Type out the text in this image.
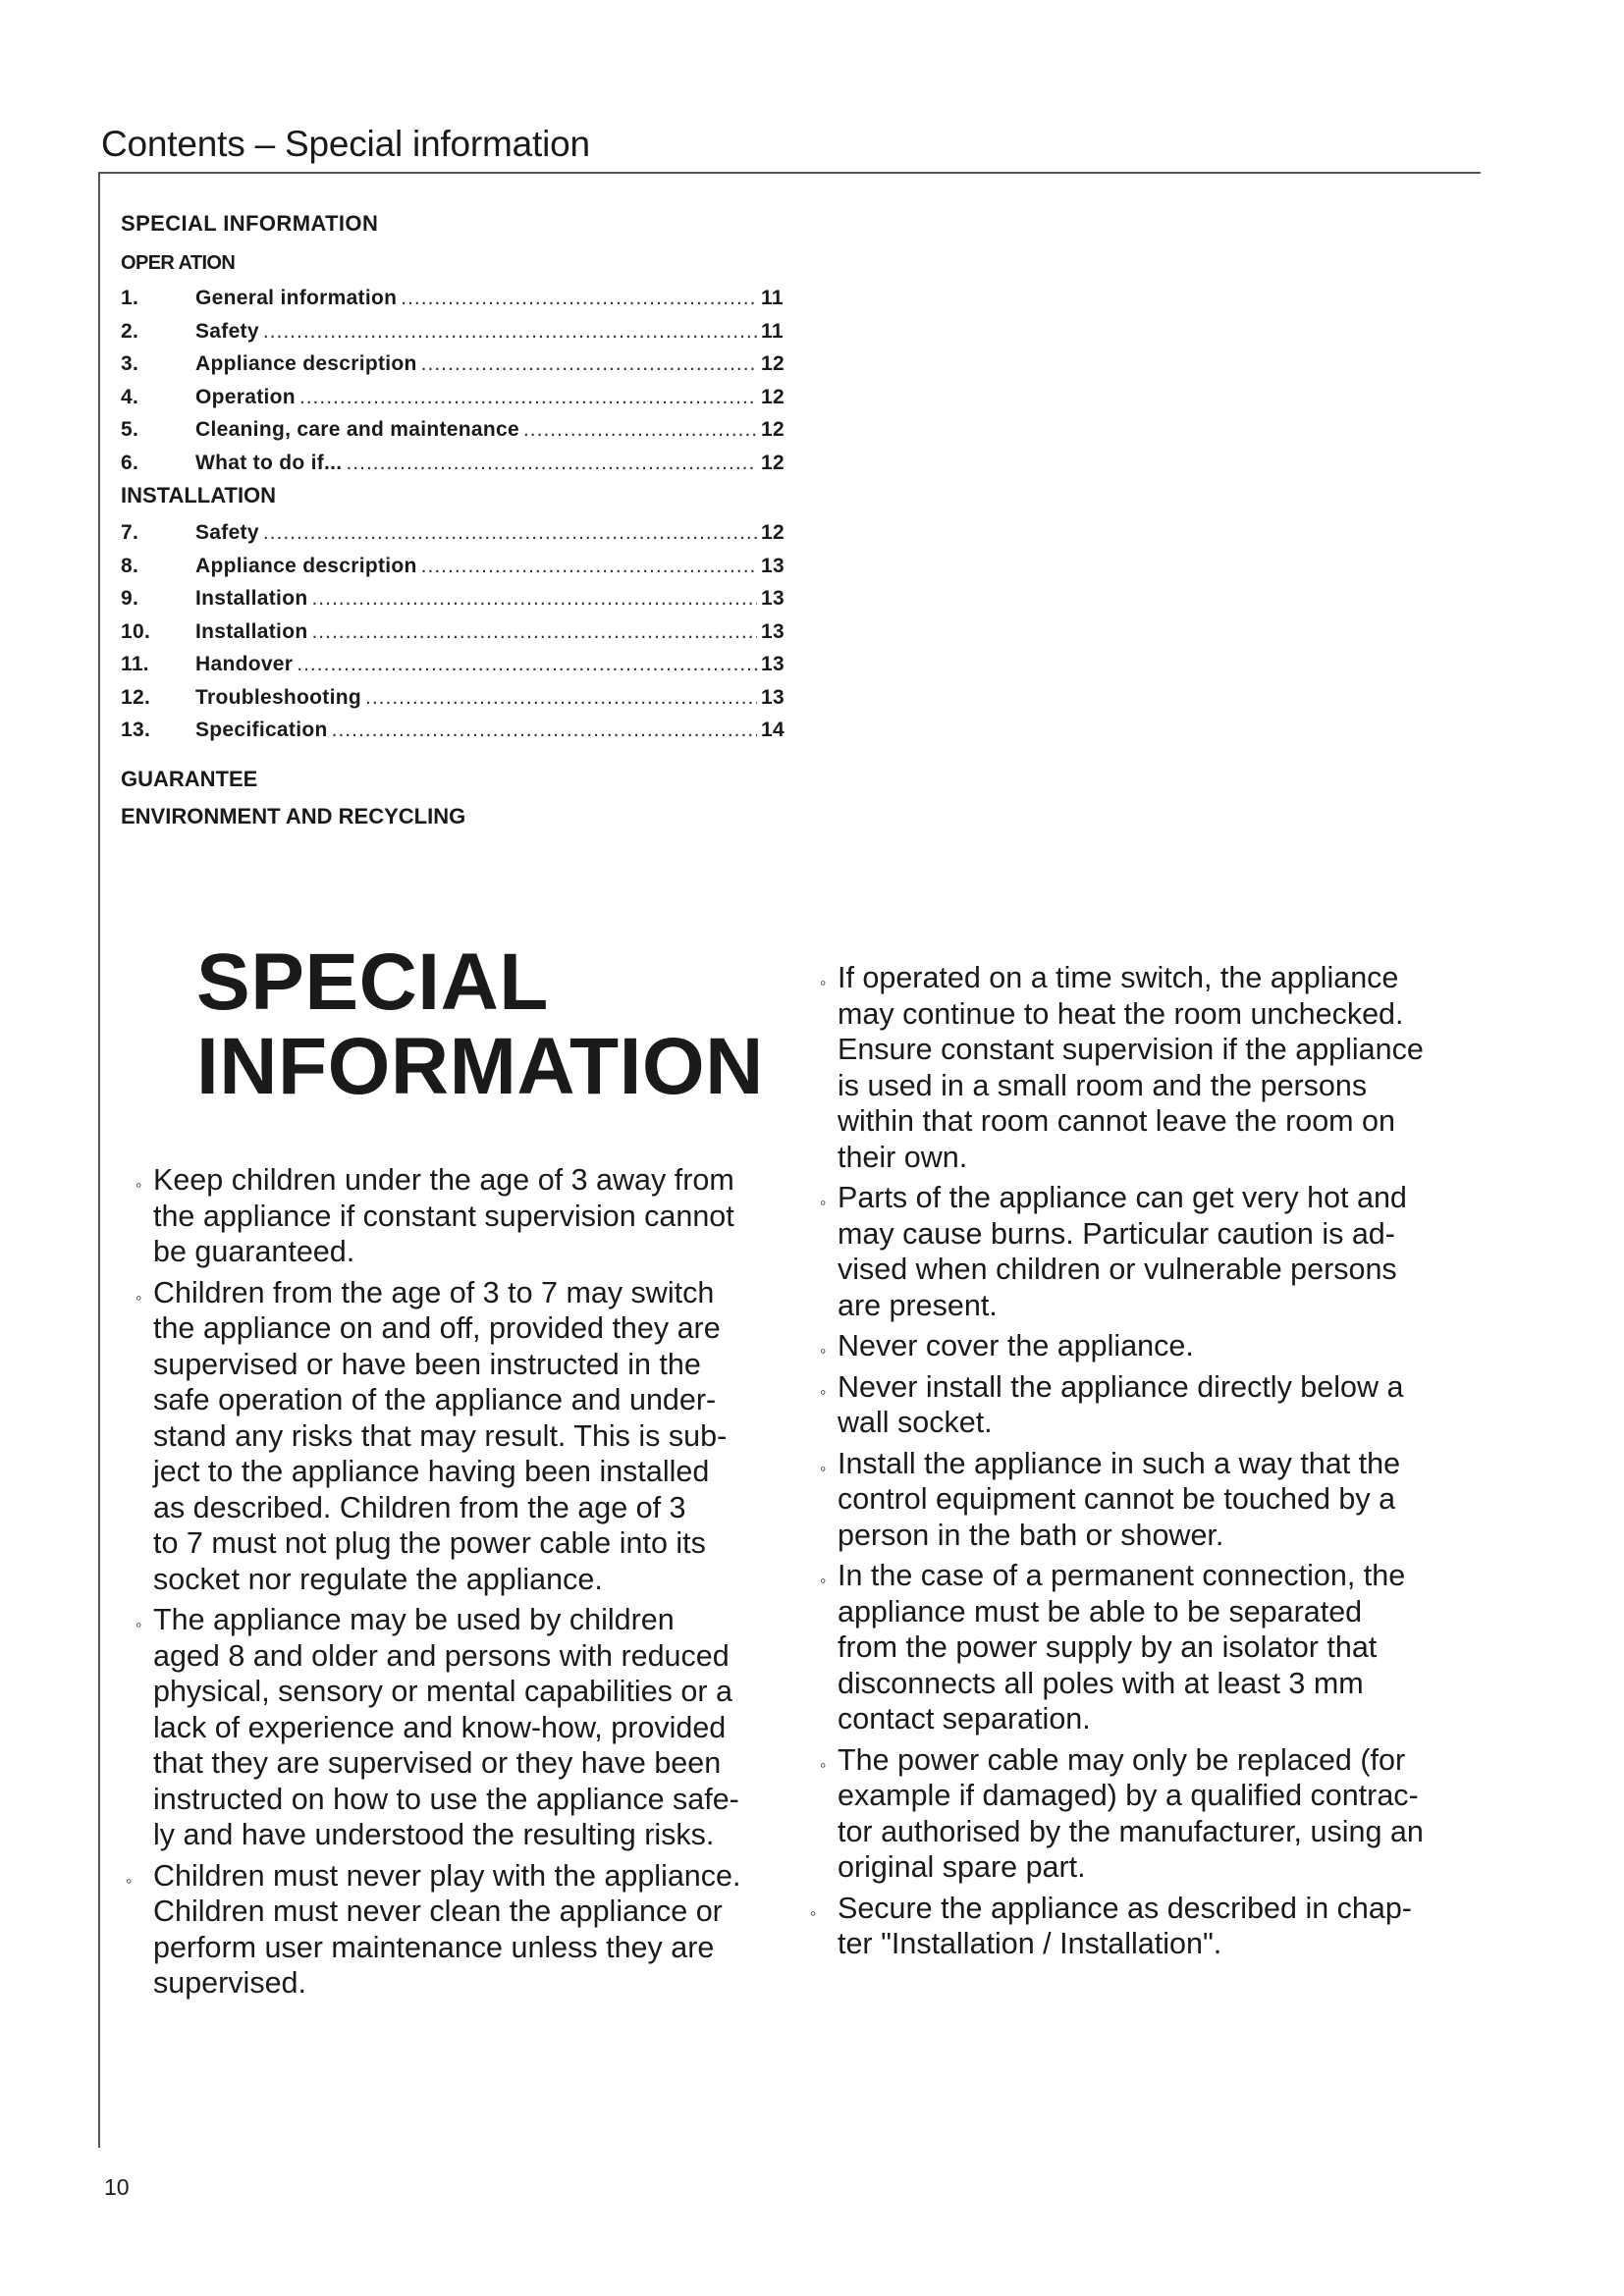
Contents – Special information
SPECIAL INFORMATION
OPER ATION
1.	General information .....	11
2.	Safety .....	11
3.	Appliance description .....	12
4.	Operation .....	12
5.	Cleaning, care and maintenance .....	12
6.	What to do if... .....	12
INSTALLATION
7.	Safety .....	12
8.	Appliance description .....	13
9.	Installation .....	13
10.	Installation .....	13
11.	Handover .....	13
12.	Troubleshooting .....	13
13.	Specification .....	14
GUARANTEE
ENVIRONMENT AND RECYCLING
SPECIAL INFORMATION
◦ Keep children under the age of 3 away from
the appliance if constant supervision cannot
be guaranteed.
◦ Children from the age of 3 to 7 may switch
the appliance on and off, provided they are
supervised or have been instructed in the
safe operation of the appliance and under-
stand any risks that may result. This is sub-
ject to the appliance having been installed
as described. Children from the age of 3
to 7 must not plug the power cable into its
socket nor regulate the appliance.
◦ The appliance may be used by children
aged 8 and older and persons with reduced
physical, sensory or mental capabilities or a
lack of experience and know-how, provided
that they are supervised or they have been
instructed on how to use the appliance safe-
ly and have understood the resulting risks.
◦ Children must never play with the appliance.
Children must never clean the appliance or
perform user maintenance unless they are
supervised.
◦ If operated on a time switch, the appliance
may continue to heat the room unchecked.
Ensure constant supervision if the appliance
is used in a small room and the persons
within that room cannot leave the room on
their own.
◦ Parts of the appliance can get very hot and
may cause burns. Particular caution is ad-
vised when children or vulnerable persons
are present.
◦ Never cover the appliance.
◦ Never install the appliance directly below a
wall socket.
◦ Install the appliance in such a way that the
control equipment cannot be touched by a
person in the bath or shower.
◦ In the case of a permanent connection, the
appliance must be able to be separated
from the power supply by an isolator that
disconnects all poles with at least 3 mm
contact separation.
◦ The power cable may only be replaced (for
example if damaged) by a qualified contrac-
tor authorised by the manufacturer, using an
original spare part.
◦ Secure the appliance as described in chap-
ter "Installation / Installation".
10
